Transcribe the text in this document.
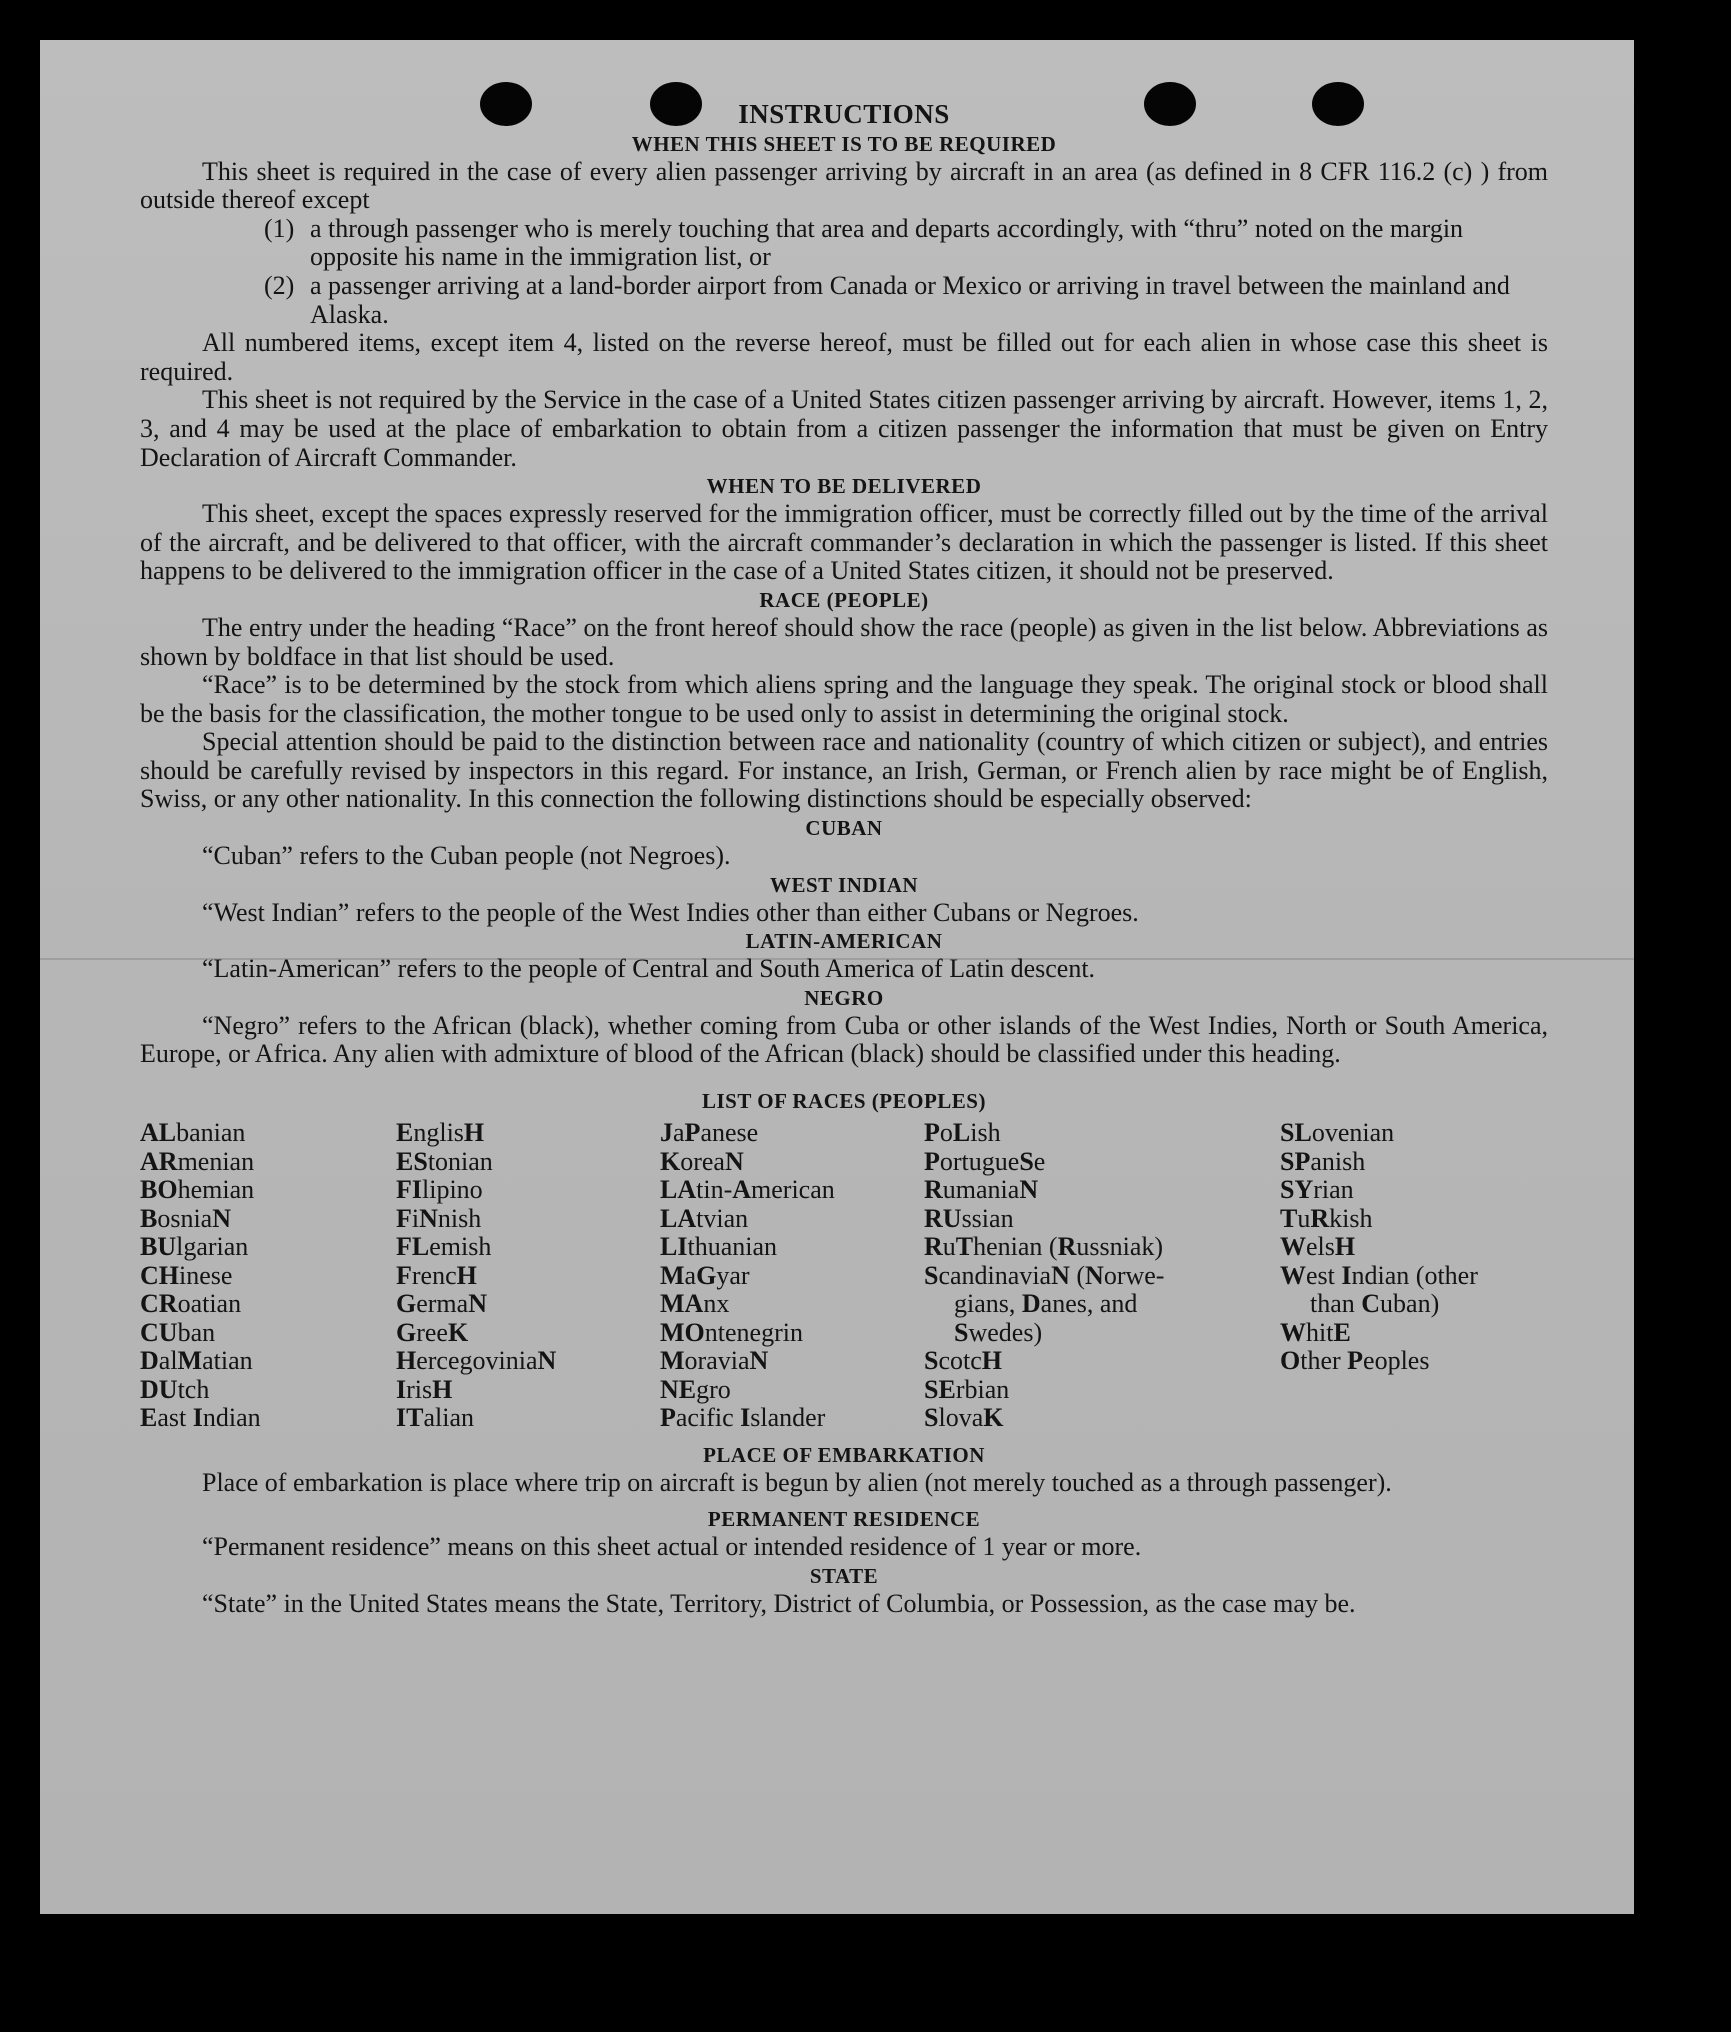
INSTRUCTIONS
WHEN THIS SHEET IS TO BE REQUIRED

This sheet is required in the case of every alien passenger arriving by aircraft in an area (as defined in 8 CFR 116.2 (c) ) from outside thereof except

(1) a through passenger who is merely touching that area and departs accordingly, with “thru” noted on the margin opposite his name in the immigration list, or
(2) a passenger arriving at a land-border airport from Canada or Mexico or arriving in travel between the mainland and Alaska.

All numbered items, except item 4, listed on the reverse hereof, must be filled out for each alien in whose case this sheet is required.

This sheet is not required by the Service in the case of a United States citizen passenger arriving by aircraft. However, items 1, 2, 3, and 4 may be used at the place of embarkation to obtain from a citizen passenger the information that must be given on Entry Declaration of Aircraft Commander.

WHEN TO BE DELIVERED

This sheet, except the spaces expressly reserved for the immigration officer, must be correctly filled out by the time of the arrival of the aircraft, and be delivered to that officer, with the aircraft commander’s declaration in which the passenger is listed. If this sheet happens to be delivered to the immigration officer in the case of a United States citizen, it should not be preserved.

RACE (PEOPLE)

The entry under the heading “Race” on the front hereof should show the race (people) as given in the list below. Abbreviations as shown by boldface in that list should be used.

“Race” is to be determined by the stock from which aliens spring and the language they speak. The original stock or blood shall be the basis for the classification, the mother tongue to be used only to assist in determining the original stock.

Special attention should be paid to the distinction between race and nationality (country of which citizen or subject), and entries should be carefully revised by inspectors in this regard. For instance, an Irish, German, or French alien by race might be of English, Swiss, or any other nationality. In this connection the following distinctions should be especially observed:

CUBAN

“Cuban” refers to the Cuban people (not Negroes).

WEST INDIAN

“West Indian” refers to the people of the West Indies other than either Cubans or Negroes.

LATIN-AMERICAN

“Latin-American” refers to the people of Central and South America of Latin descent.

NEGRO

“Negro” refers to the African (black), whether coming from Cuba or other islands of the West Indies, North or South America, Europe, or Africa. Any alien with admixture of blood of the African (black) should be classified under this heading.

LIST OF RACES (PEOPLES)
ALbanian
ARmenian
BOhemian
BosniaN
BUlgarian
CHinese
CRoatian
CUban
DalMatian
DUtch
East Indian
EnglisH
EStonian
FIlipino
FiNnish
FLemish
FrencH
GermaN
GreeK
HercegoviniaN
IrisH
ITalian
JaPanese
KoreaN
LAtin-American
LAtvian
LIthuanian
MaGyar
MAnx
MOntenegrin
MoraviaN
NEgro
Pacific Islander
PoLish
PortugueSe
RumaniaN
RUssian
RuThenian (Russniak)
ScandinaviaN (Norwe-
gians, Danes, and
Swedes)
ScotcH
SErbian
SlovaK
SLovenian
SPanish
SYrian
TuRkish
WelsH
West Indian (other
than Cuban)
WhitE
Other Peoples
PLACE OF EMBARKATION

Place of embarkation is place where trip on aircraft is begun by alien (not merely touched as a through passenger).

PERMANENT RESIDENCE

“Permanent residence” means on this sheet actual or intended residence of 1 year or more.

STATE

“State” in the United States means the State, Territory, District of Columbia, or Possession, as the case may be.
